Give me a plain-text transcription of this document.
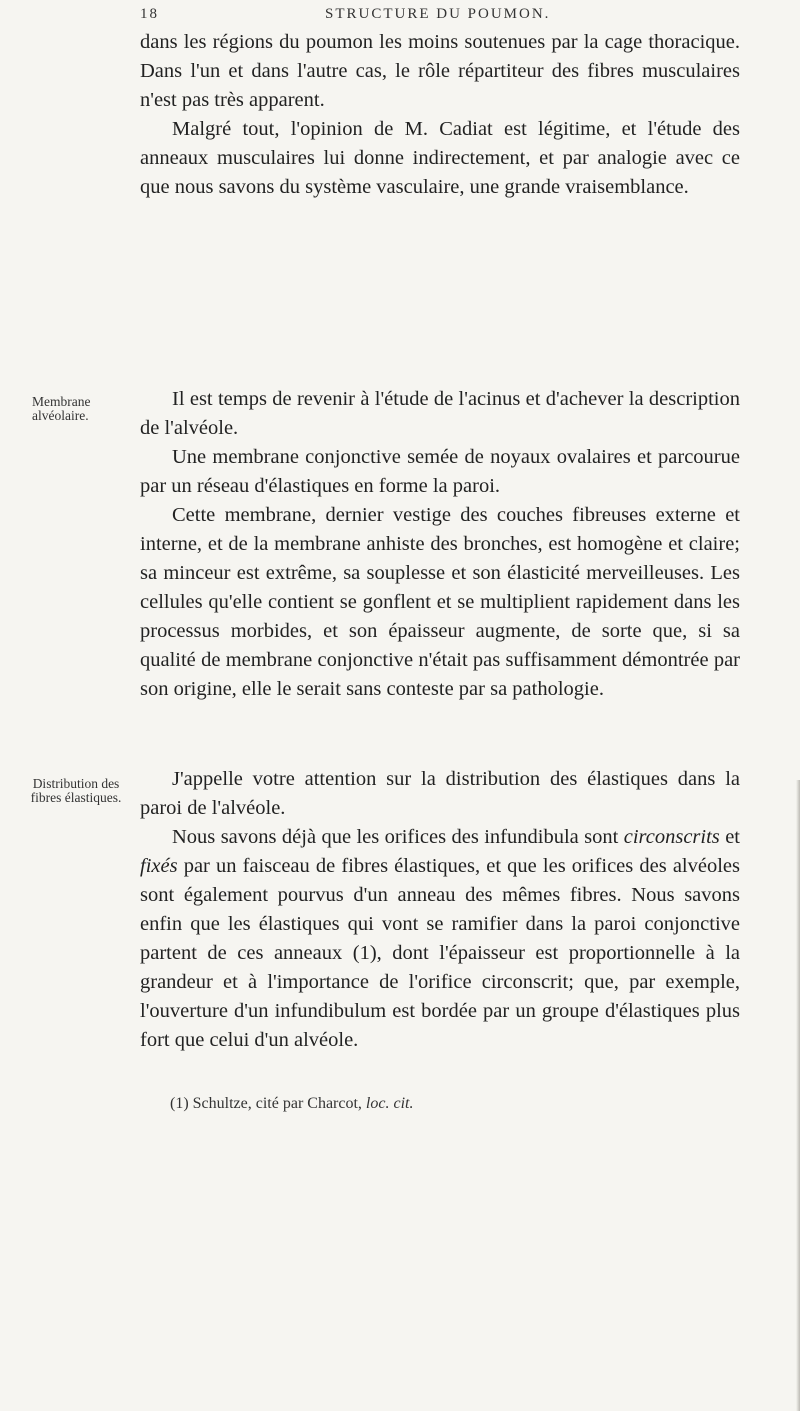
18	STRUCTURE DU POUMON.

dans les régions du poumon les moins soutenues par la cage thoracique. Dans l'un et dans l'autre cas, le rôle répartiteur des fibres musculaires n'est pas très apparent.

Malgré tout, l'opinion de M. Cadiat est légitime, et l'étude des anneaux musculaires lui donne indirectement, et par analogie avec ce que nous savons du système vasculaire, une grande vraisemblance.

Membrane alvéolaire.

Il est temps de revenir à l'étude de l'acinus et d'achever la description de l'alvéole.

Une membrane conjonctive semée de noyaux ovalaires et parcourue par un réseau d'élastiques en forme la paroi.

Cette membrane, dernier vestige des couches fibreuses externe et interne, et de la membrane anhiste des bronches, est homogène et claire; sa minceur est extrême, sa souplesse et son élasticité merveilleuses. Les cellules qu'elle contient se gonflent et se multiplient rapidement dans les processus morbides, et son épaisseur augmente, de sorte que, si sa qualité de membrane conjonctive n'était pas suffisamment démontrée par son origine, elle le serait sans conteste par sa pathologie.

Distribution des fibres élastiques.

J'appelle votre attention sur la distribution des élastiques dans la paroi de l'alvéole.

Nous savons déjà que les orifices des infundibula sont circonscrits et fixés par un faisceau de fibres élastiques, et que les orifices des alvéoles sont également pourvus d'un anneau des mêmes fibres. Nous savons enfin que les élastiques qui vont se ramifier dans la paroi conjonctive partent de ces anneaux (1), dont l'épaisseur est proportionnelle à la grandeur et à l'importance de l'orifice circonscrit; que, par exemple, l'ouverture d'un infundibulum est bordée par un groupe d'élastiques plus fort que celui d'un alvéole.

(1) Schultze, cité par Charcot, loc. cit.
